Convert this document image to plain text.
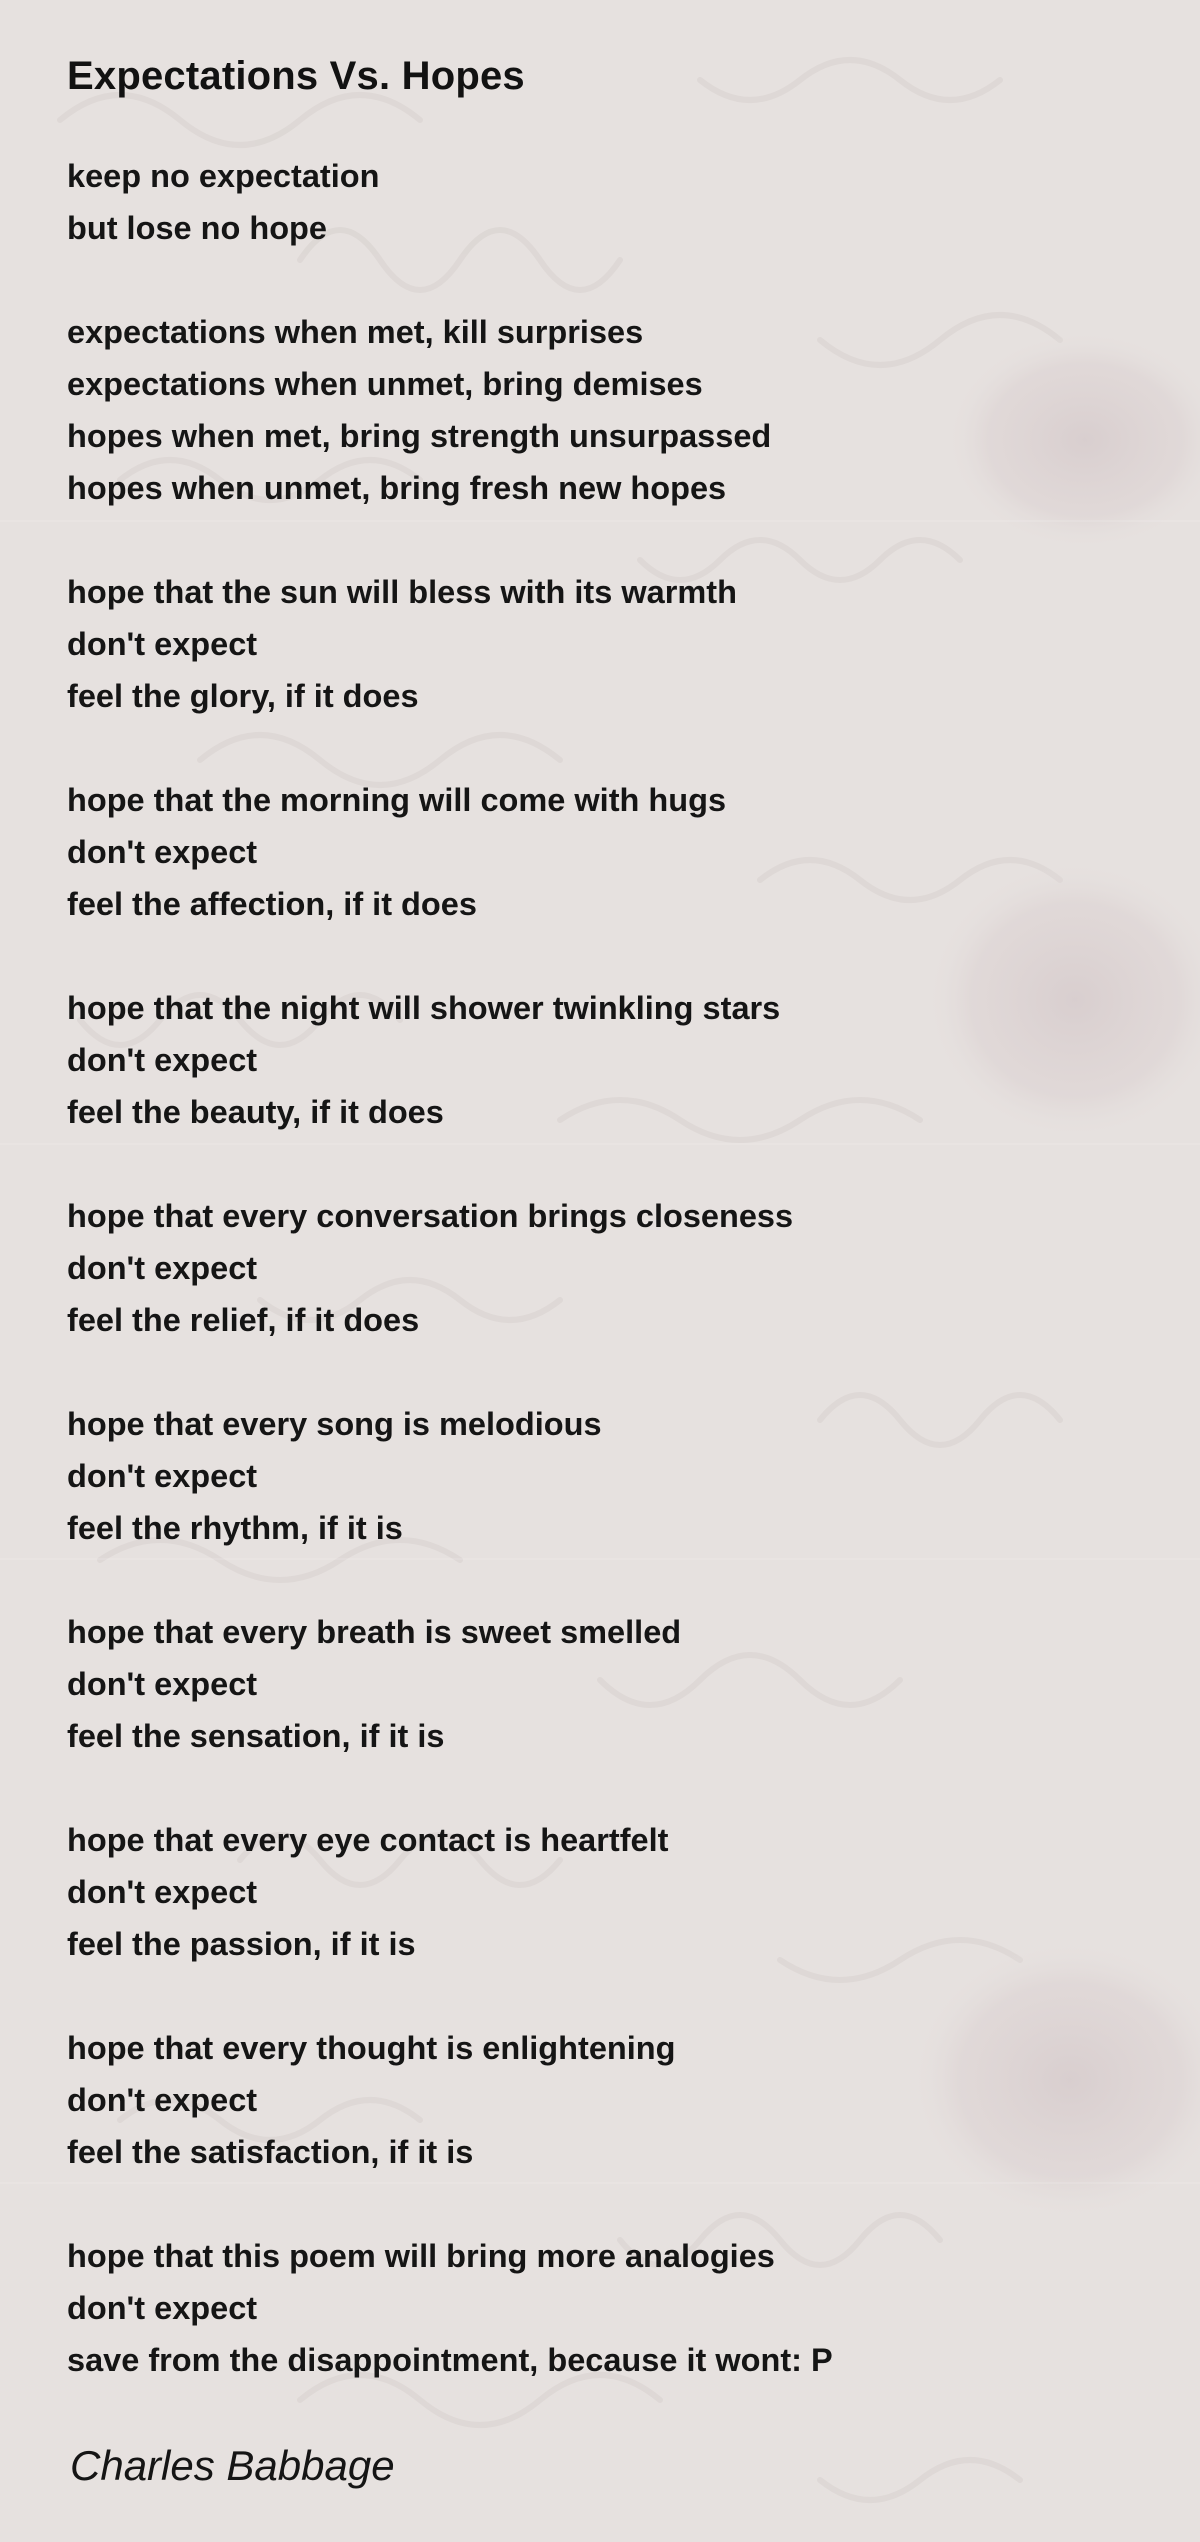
Expectations Vs. Hopes
keep no expectation
but lose no hope
expectations when met, kill surprises
expectations when unmet, bring demises
hopes when met, bring strength unsurpassed
hopes when unmet, bring fresh new hopes
hope that the sun will bless with its warmth
don't expect
feel the glory, if it does
hope that the morning will come with hugs
don't expect
feel the affection, if it does
hope that the night will shower twinkling stars
don't expect
feel the beauty, if it does
hope that every conversation brings closeness
don't expect
feel the relief, if it does
hope that every song is melodious
don't expect
feel the rhythm, if it is
hope that every breath is sweet smelled
don't expect
feel the sensation, if it is
hope that every eye contact is heartfelt
don't expect
feel the passion, if it is
hope that every thought is enlightening
don't expect
feel the satisfaction, if it is
hope that this poem will bring more analogies
don't expect
save from the disappointment, because it wont: P

Charles Babbage
